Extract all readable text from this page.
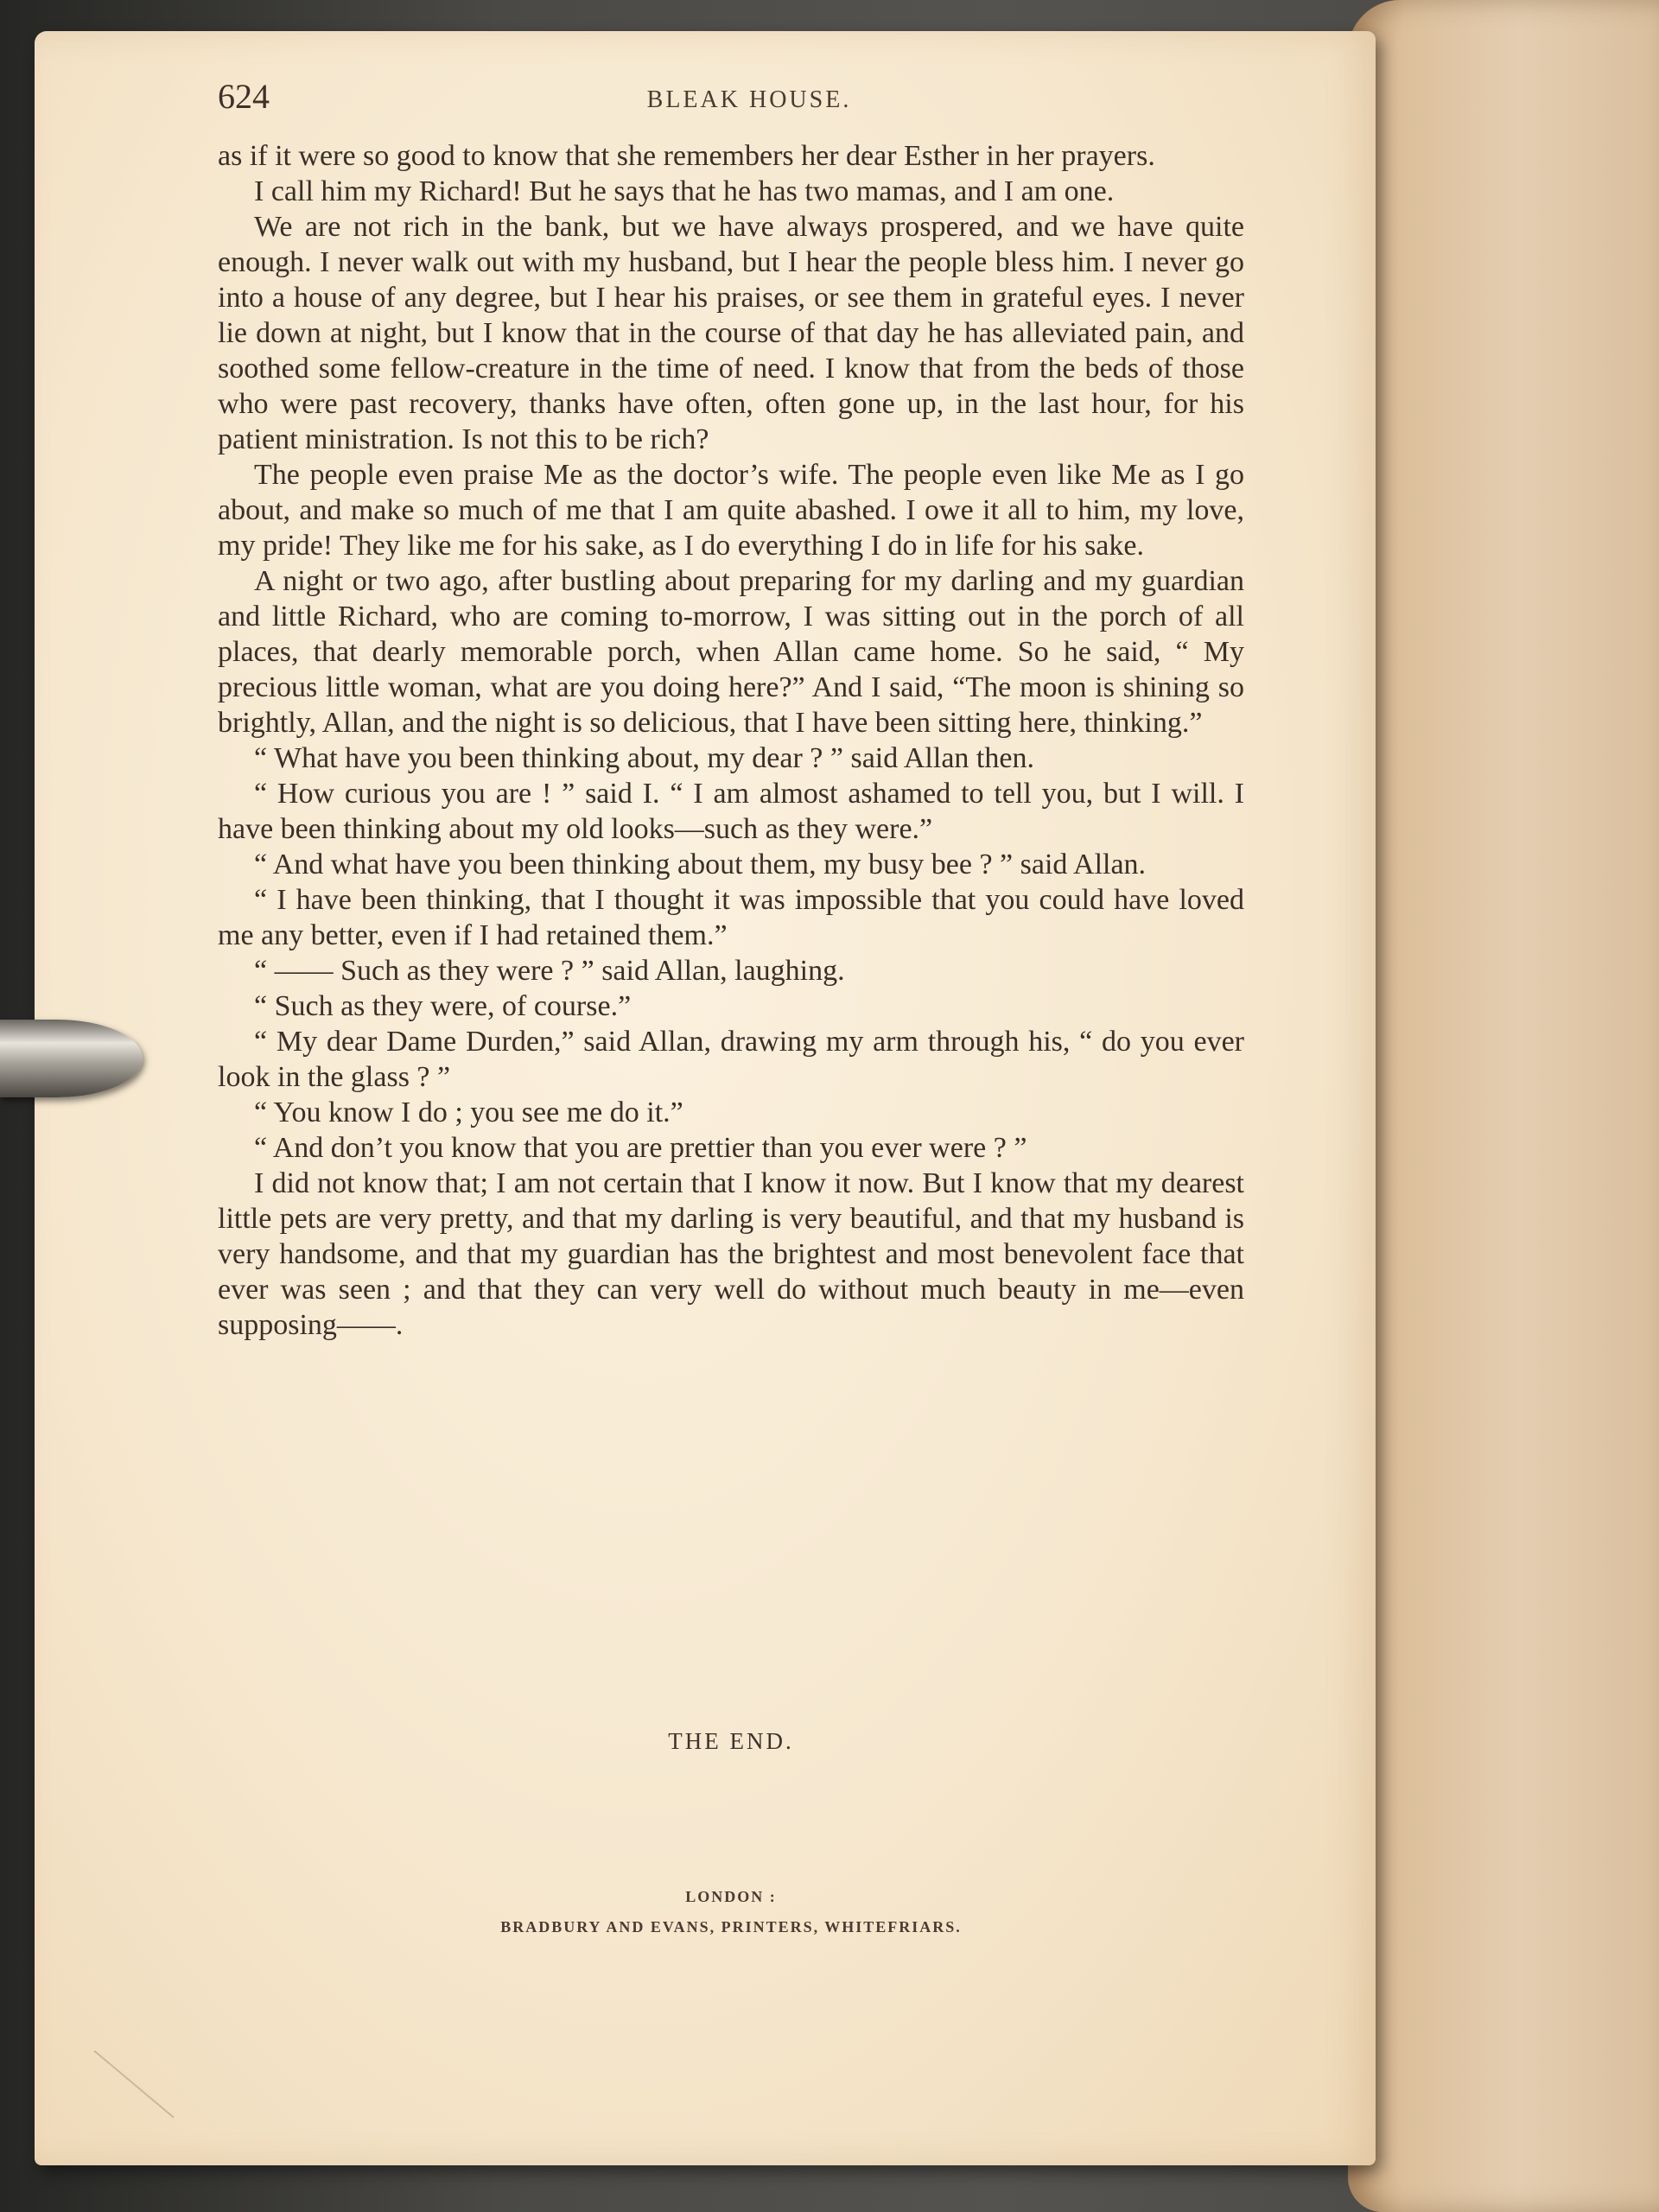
624	BLEAK HOUSE.

as if it were so good to know that she remembers her dear Esther in her prayers.

I call him my Richard! But he says that he has two mamas, and I am one.

We are not rich in the bank, but we have always prospered, and we have quite enough. I never walk out with my husband, but I hear the people bless him. I never go into a house of any degree, but I hear his praises, or see them in grateful eyes. I never lie down at night, but I know that in the course of that day he has alleviated pain, and soothed some fellow-creature in the time of need. I know that from the beds of those who were past recovery, thanks have often, often gone up, in the last hour, for his patient ministration. Is not this to be rich?

The people even praise Me as the doctor’s wife. The people even like Me as I go about, and make so much of me that I am quite abashed. I owe it all to him, my love, my pride! They like me for his sake, as I do everything I do in life for his sake.

A night or two ago, after bustling about preparing for my darling and my guardian and little Richard, who are coming to-morrow, I was sitting out in the porch of all places, that dearly memorable porch, when Allan came home. So he said, “ My precious little woman, what are you doing here?” And I said, “The moon is shining so brightly, Allan, and the night is so delicious, that I have been sitting here, thinking.”

“ What have you been thinking about, my dear ? ” said Allan then.

“ How curious you are ! ” said I. “ I am almost ashamed to tell you, but I will. I have been thinking about my old looks—such as they were.”

“ And what have you been thinking about them, my busy bee ? ” said Allan.

“ I have been thinking, that I thought it was impossible that you could have loved me any better, even if I had retained them.”

“ —— Such as they were ? ” said Allan, laughing.

“ Such as they were, of course.”

“ My dear Dame Durden,” said Allan, drawing my arm through his, “ do you ever look in the glass ? ”

“ You know I do ; you see me do it.”

“ And don’t you know that you are prettier than you ever were ? ”

I did not know that; I am not certain that I know it now. But I know that my dearest little pets are very pretty, and that my darling is very beautiful, and that my husband is very handsome, and that my guardian has the brightest and most benevolent face that ever was seen ; and that they can very well do without much beauty in me—even supposing——.

THE END.
LONDON :
BRADBURY AND EVANS, PRINTERS, WHITEFRIARS.
